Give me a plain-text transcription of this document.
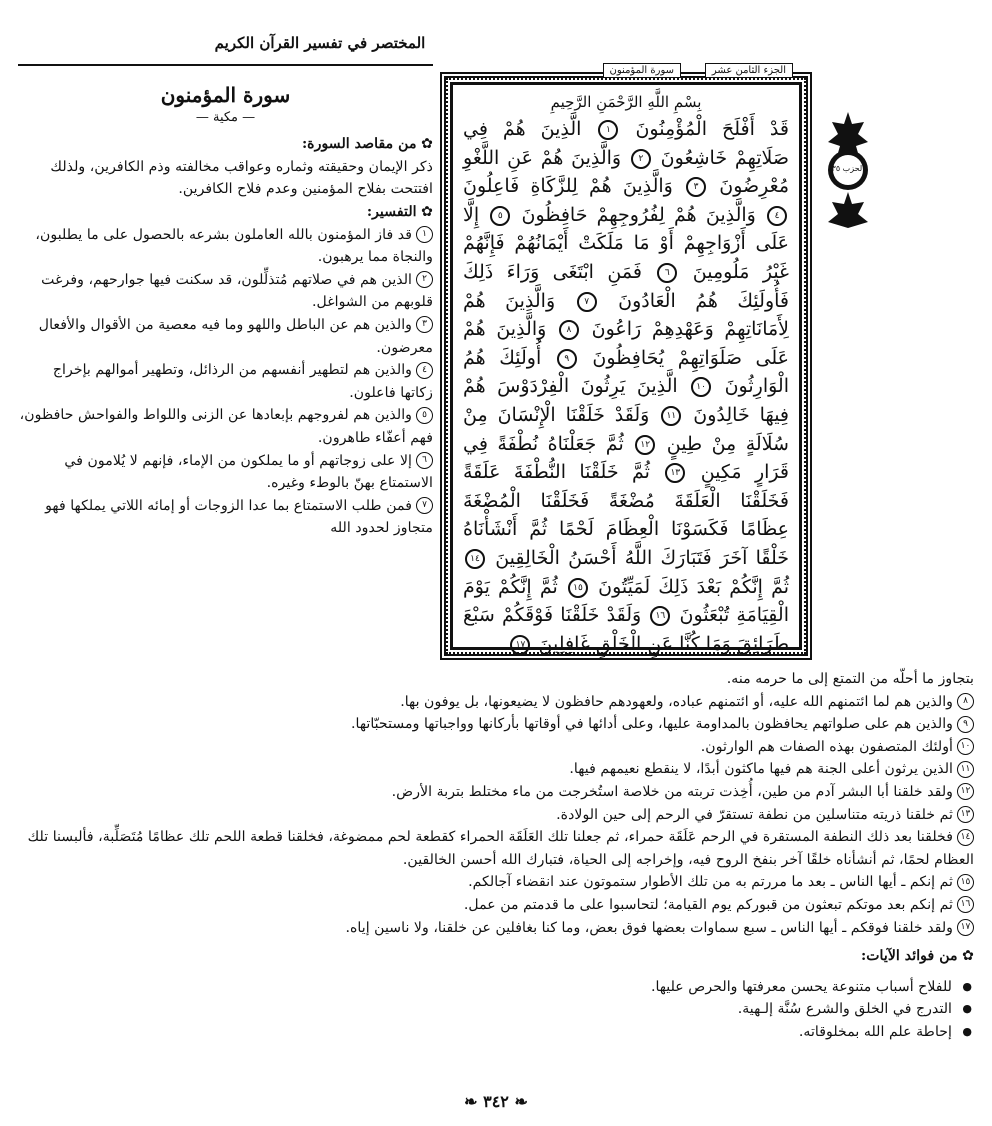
المختصر في تفسير القرآن الكريم
الحزب ٣٥
الجزء الثامن عشر
سورة المؤمنون
بِسْمِ اللَّهِ الرَّحْمَنِ الرَّحِيمِ
قَدْ أَفْلَحَ الْمُؤْمِنُونَ ١ الَّذِينَ هُمْ فِي صَلَاتِهِمْ خَاشِعُونَ ٢ وَالَّذِينَ هُمْ عَنِ اللَّغْوِ مُعْرِضُونَ ٣ وَالَّذِينَ هُمْ لِلزَّكَاةِ فَاعِلُونَ ٤ وَالَّذِينَ هُمْ لِفُرُوجِهِمْ حَافِظُونَ ٥ إِلَّا عَلَى أَزْوَاجِهِمْ أَوْ مَا مَلَكَتْ أَيْمَانُهُمْ فَإِنَّهُمْ غَيْرُ مَلُومِينَ ٦ فَمَنِ ابْتَغَى وَرَاءَ ذَلِكَ فَأُولَئِكَ هُمُ الْعَادُونَ ٧ وَالَّذِينَ هُمْ لِأَمَانَاتِهِمْ وَعَهْدِهِمْ رَاعُونَ ٨ وَالَّذِينَ هُمْ عَلَى صَلَوَاتِهِمْ يُحَافِظُونَ ٩ أُولَئِكَ هُمُ الْوَارِثُونَ ١٠ الَّذِينَ يَرِثُونَ الْفِرْدَوْسَ هُمْ فِيهَا خَالِدُونَ ١١ وَلَقَدْ خَلَقْنَا الْإِنْسَانَ مِنْ سُلَالَةٍ مِنْ طِينٍ ١٢ ثُمَّ جَعَلْنَاهُ نُطْفَةً فِي قَرَارٍ مَكِينٍ ١٣ ثُمَّ خَلَقْنَا النُّطْفَةَ عَلَقَةً فَخَلَقْنَا الْعَلَقَةَ مُضْغَةً فَخَلَقْنَا الْمُضْغَةَ عِظَامًا فَكَسَوْنَا الْعِظَامَ لَحْمًا ثُمَّ أَنْشَأْنَاهُ خَلْقًا آخَرَ فَتَبَارَكَ اللَّهُ أَحْسَنُ الْخَالِقِينَ ١٤ ثُمَّ إِنَّكُمْ بَعْدَ ذَلِكَ لَمَيِّتُونَ ١٥ ثُمَّ إِنَّكُمْ يَوْمَ الْقِيَامَةِ تُبْعَثُونَ ١٦ وَلَقَدْ خَلَقْنَا فَوْقَكُمْ سَبْعَ طَرَائِقَ وَمَا كُنَّا عَنِ الْخَلْقِ غَافِلِينَ ١٧
سورة المؤمنون
— مكية —

✿ من مقاصد السورة:

ذكر الإيمان وحقيقته وثماره وعواقب مخالفته وذم الكافرين، ولذلك افتتحت بفلاح المؤمنين وعدم فلاح الكافرين.

✿ التفسير:

١قد فاز المؤمنون بالله العاملون بشرعه بالحصول على ما يطلبون، والنجاة مما يرهبون.

٢الذين هم في صلاتهم مُتذلِّلون، قد سكنت فيها جوارحهم، وفرغت قلوبهم من الشواغل.

٣والذين هم عن الباطل واللهو وما فيه معصية من الأقوال والأفعال معرضون.

٤والذين هم لتطهير أنفسهم من الرذائل، وتطهير أموالهم بإخراج زكاتها فاعلون.

٥والذين هم لفروجهم بإبعادها عن الزنى واللواط والفواحش حافظون، فهم أعفّاء طاهرون.

٦إلا على زوجاتهم أو ما يملكون من الإماء، فإنهم لا يُلامون في الاستمتاع بهنّ بالوطء وغيره.

٧فمن طلب الاستمتاع بما عدا الزوجات أو إمائه اللاتي يملكها فهو متجاوز لحدود الله

بتجاوز ما أحلّه من التمتع إلى ما حرمه منه.

٨والذين هم لما ائتمنهم الله عليه، أو ائتمنهم عباده، ولعهودهم حافظون لا يضيعونها، بل يوفون بها.

٩والذين هم على صلواتهم يحافظون بالمداومة عليها، وعلى أدائها في أوقاتها بأركانها وواجباتها ومستحبّاتها.

١٠أولئك المتصفون بهذه الصفات هم الوارثون.

١١الذين يرثون أعلى الجنة هم فيها ماكثون أبدًا، لا ينقطع نعيمهم فيها.

١٢ولقد خلقنا أبا البشر آدم من طين، أُخِذت تربته من خلاصة استُخرجت من ماء مختلط بتربة الأرض.

١٣ثم خلقنا ذريته متناسلين من نطفة تستقرّ في الرحم إلى حين الولادة.

١٤فخلقنا بعد ذلك النطفة المستقرة في الرحم عَلَقَة حمراء، ثم جعلنا تلك العَلَقَة الحمراء كقطعة لحم ممضوغة، فخلقنا قطعة اللحم تلك عظامًا مُتَصَلِّبة، فألبسنا تلك العظام لحمًا، ثم أنشأناه خلقًا آخر بنفخ الروح فيه، وإخراجه إلى الحياة، فتبارك الله أحسن الخالقين.

١٥ثم إنكم ـ أيها الناس ـ بعد ما مررتم به من تلك الأطوار ستموتون عند انقضاء آجالكم.

١٦ثم إنكم بعد موتكم تبعثون من قبوركم يوم القيامة؛ لتحاسبوا على ما قدمتم من عمل.

١٧ولقد خلقنا فوقكم ـ أيها الناس ـ سبع سماوات بعضها فوق بعض، وما كنا بغافلين عن خلقنا، ولا ناسين إياه.

✿ من فوائد الآيات:

● للفلاح أسباب متنوعة يحسن معرفتها والحرص عليها.
● التدرج في الخلق والشرع سُنَّة إلـهية.
● إحاطة علم الله بمخلوقاته.
❧ ٣٤٢ ❧
